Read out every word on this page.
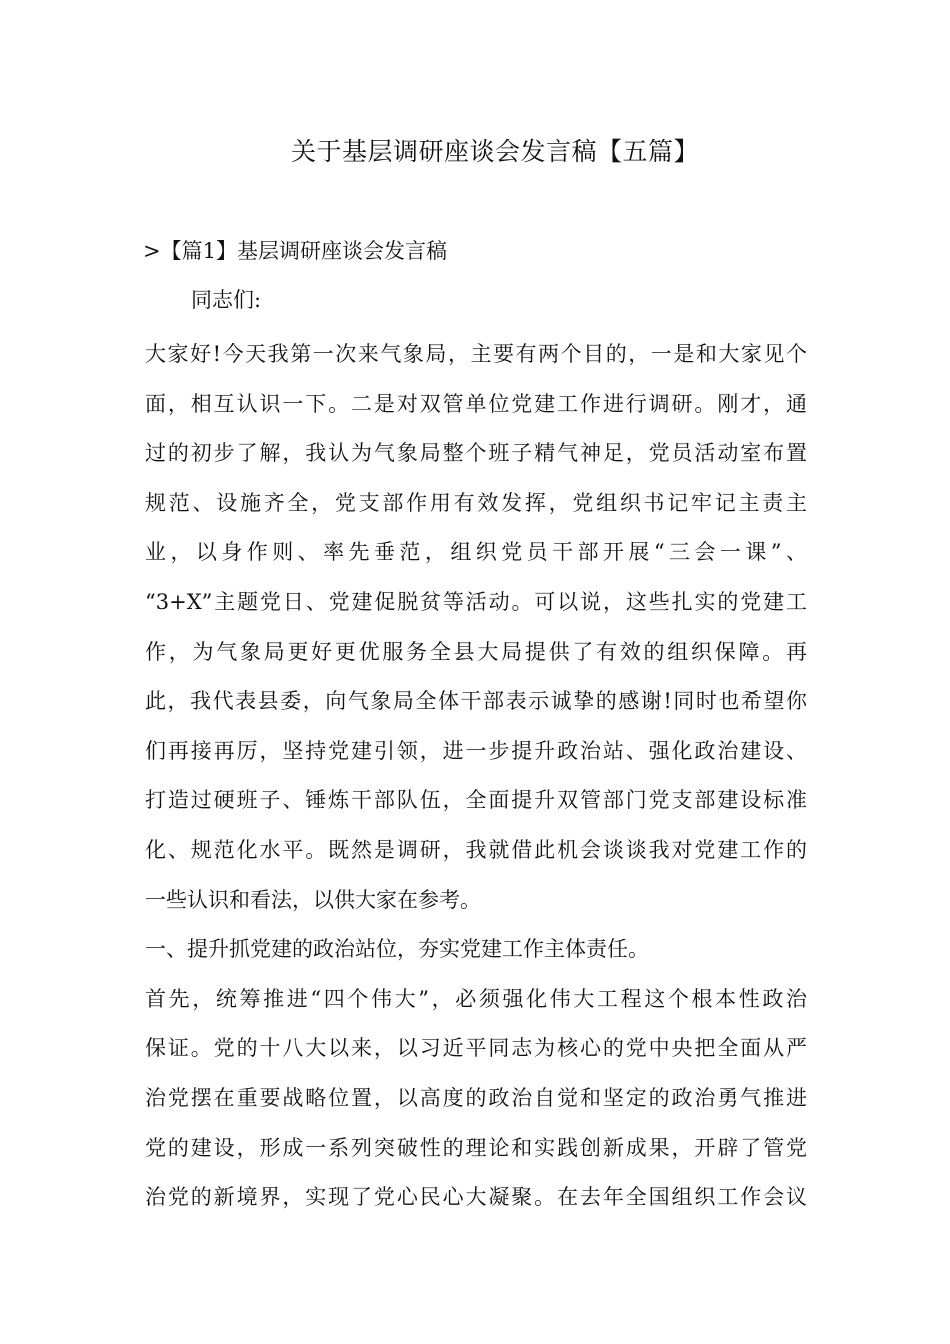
关于基层调研座谈会发言稿【五篇】
>【篇1】基层调研座谈会发言稿
同志们:
大家好!今天我第一次来气象局，主要有两个目的，一是和大家见个
面，相互认识一下。二是对双管单位党建工作进行调研。刚才，通
过的初步了解，我认为气象局整个班子精气神足，党员活动室布置
规范、设施齐全，党支部作用有效发挥，党组织书记牢记主责主
业，以身作则、率先垂范，组织党员干部开展“三会一课”、
“3+X”主题党日、党建促脱贫等活动。可以说，这些扎实的党建工
作，为气象局更好更优服务全县大局提供了有效的组织保障。再
此，我代表县委，向气象局全体干部表示诚挚的感谢!同时也希望你
们再接再厉，坚持党建引领，进一步提升政治站、强化政治建设、
打造过硬班子、锤炼干部队伍，全面提升双管部门党支部建设标准
化、规范化水平。既然是调研，我就借此机会谈谈我对党建工作的
一些认识和看法，以供大家在参考。
一、提升抓党建的政治站位，夯实党建工作主体责任。
首先，统筹推进“四个伟大”，必须强化伟大工程这个根本性政治
保证。党的十八大以来，以习近平同志为核心的党中央把全面从严
治党摆在重要战略位置，以高度的政治自觉和坚定的政治勇气推进
党的建设，形成一系列突破性的理论和实践创新成果，开辟了管党
治党的新境界，实现了党心民心大凝聚。在去年全国组织工作会议
